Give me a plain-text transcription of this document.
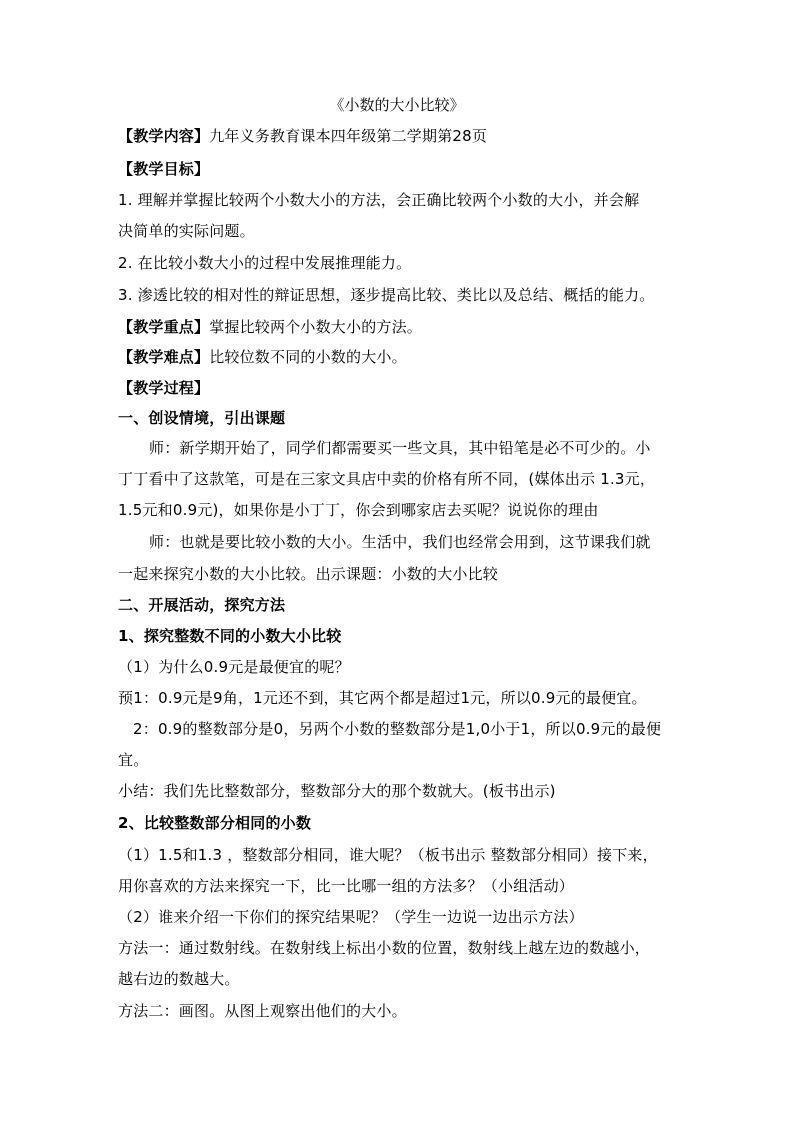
《小数的大小比较》
【教学内容】九年义务教育课本四年级第二学期第28页
【教学目标】
1. 理解并掌握比较两个小数大小的方法，会正确比较两个小数的大小，并会解
决简单的实际问题。
2. 在比较小数大小的过程中发展推理能力。
3. 渗透比较的相对性的辩证思想，逐步提高比较、类比以及总结、概括的能力。
【教学重点】掌握比较两个小数大小的方法。
【教学难点】比较位数不同的小数的大小。
【教学过程】
一、创设情境，引出课题
师：新学期开始了，同学们都需要买一些文具，其中铅笔是必不可少的。小
丁丁看中了这款笔，可是在三家文具店中卖的价格有所不同，(媒体出示 1.3元，
1.5元和0.9元)，如果你是小丁丁，你会到哪家店去买呢？说说你的理由
师：也就是要比较小数的大小。生活中，我们也经常会用到，这节课我们就
一起来探究小数的大小比较。出示课题：小数的大小比较
二、开展活动，探究方法
1、探究整数不同的小数大小比较
（1）为什么0.9元是最便宜的呢？
预1：0.9元是9角，1元还不到，其它两个都是超过1元，所以0.9元的最便宜。
2：0.9的整数部分是0，另两个小数的整数部分是1,0小于1，所以0.9元的最便
宜。
小结：我们先比整数部分，整数部分大的那个数就大。(板书出示)
2、比较整数部分相同的小数
（1）1.5和1.3 ，整数部分相同，谁大呢？（板书出示 整数部分相同）接下来，
用你喜欢的方法来探究一下，比一比哪一组的方法多？（小组活动）
（2）谁来介绍一下你们的探究结果呢？（学生一边说一边出示方法）
方法一：通过数射线。在数射线上标出小数的位置，数射线上越左边的数越小，
越右边的数越大。
方法二：画图。从图上观察出他们的大小。
